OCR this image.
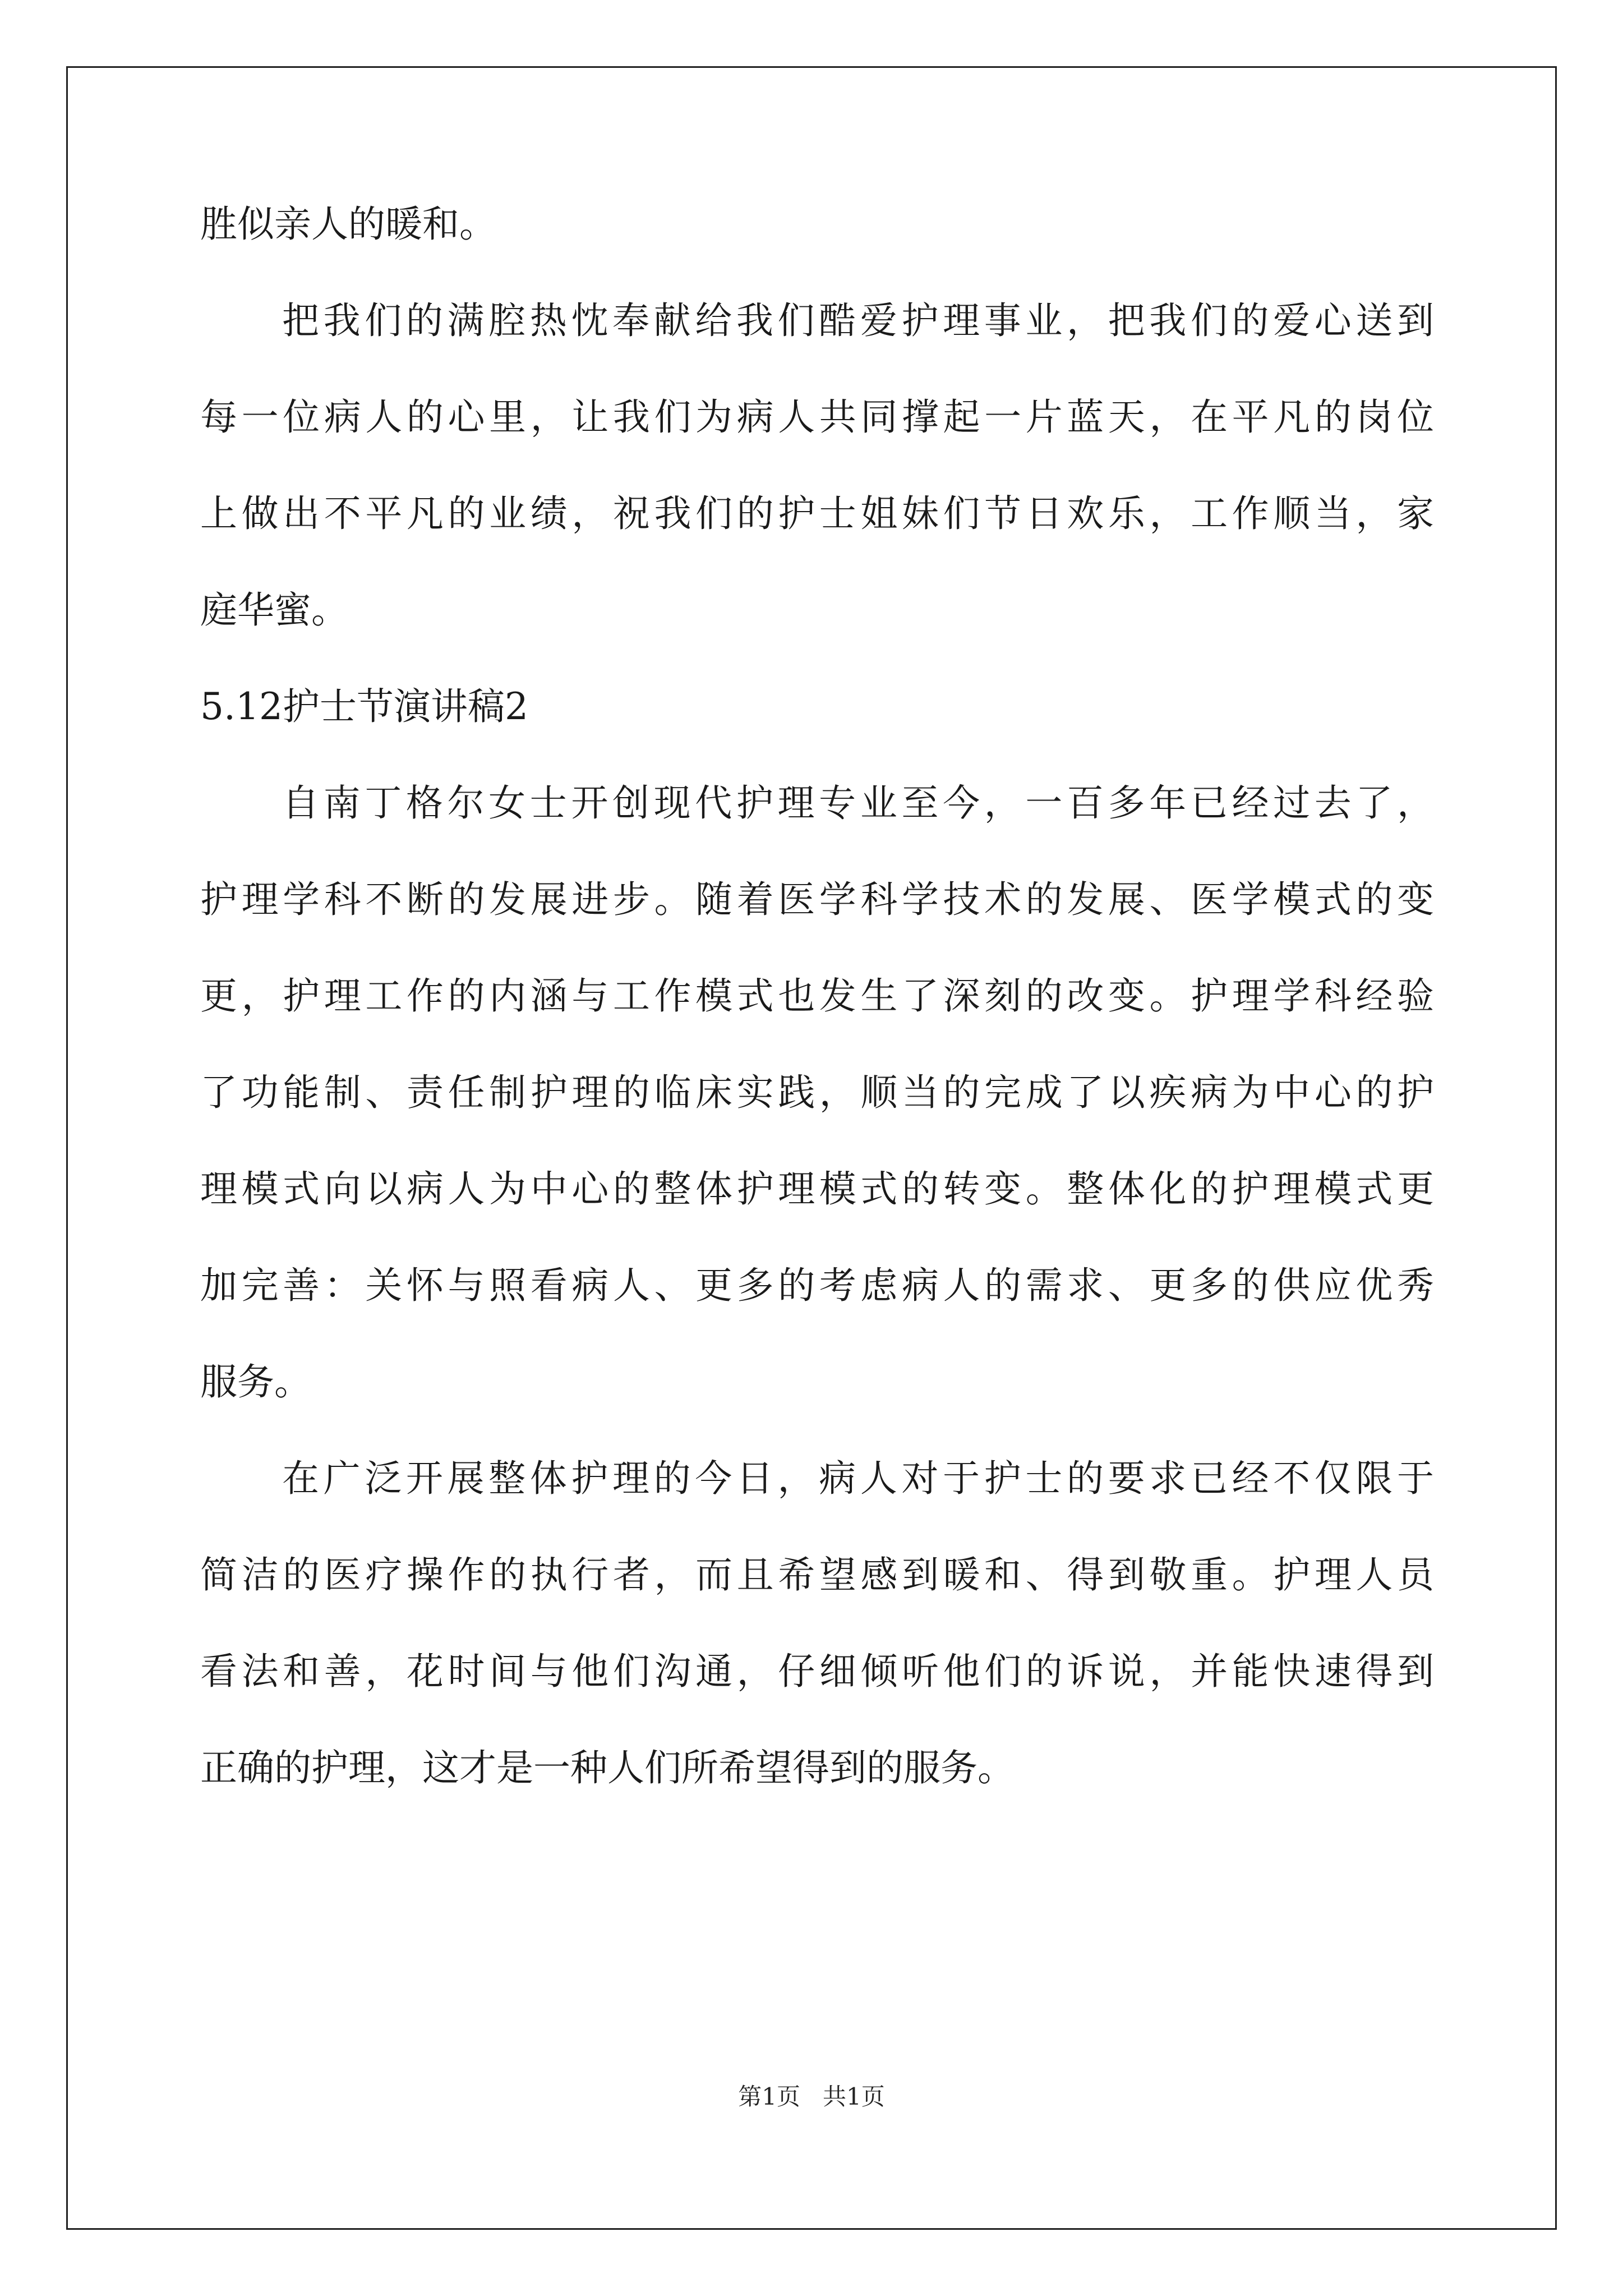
胜似亲人的暖和。
把我们的满腔热忱奉献给我们酷爱护理事业，把我们的爱心送到
每一位病人的心里，让我们为病人共同撑起一片蓝天，在平凡的岗位
上做出不平凡的业绩，祝我们的护士姐妹们节日欢乐，工作顺当，家
庭华蜜。
5.12护士节演讲稿2
自南丁格尔女士开创现代护理专业至今，一百多年已经过去了，
护理学科不断的发展进步。随着医学科学技术的发展、医学模式的变
更，护理工作的内涵与工作模式也发生了深刻的改变。护理学科经验
了功能制、责任制护理的临床实践，顺当的完成了以疾病为中心的护
理模式向以病人为中心的整体护理模式的转变。整体化的护理模式更
加完善：关怀与照看病人、更多的考虑病人的需求、更多的供应优秀
服务。
在广泛开展整体护理的今日，病人对于护士的要求已经不仅限于
简洁的医疗操作的执行者，而且希望感到暖和、得到敬重。护理人员
看法和善，花时间与他们沟通，仔细倾听他们的诉说，并能快速得到
正确的护理，这才是一种人们所希望得到的服务。
第1页 共1页
